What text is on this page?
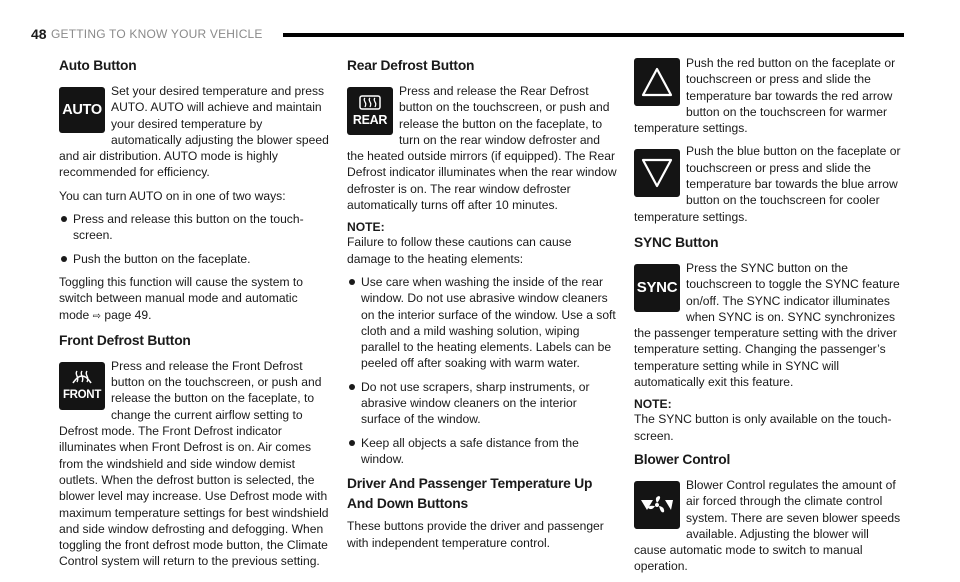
48 GETTING TO KNOW YOUR VEHICLE
Auto Button
AUTO

Set your desired temperature and press AUTO. AUTO will achieve and maintain your desired temperature by automatically adjusting the blower speed and air distribution. AUTO mode is highly recommended for efficiency.

You can turn AUTO on in one of two ways:

Press and release this button on the touch-screen.
Push the button on the faceplate.

Toggling this function will cause the system to switch between manual mode and automatic mode ⇨ page 49.

Front Defrost Button
FRONT

Press and release the Front Defrost button on the touchscreen, or push and release the button on the faceplate, to change the current airflow setting to Defrost mode. The Front Defrost indicator illuminates when Front Defrost is on. Air comes from the windshield and side window demist outlets. When the defrost button is selected, the blower level may increase. Use Defrost mode with maximum temperature settings for best windshield and side window defrosting and defogging. When toggling the front defrost mode button, the Climate Control system will return to the previous setting.

Rear Defrost Button
REAR

Press and release the Rear Defrost button on the touchscreen, or push and release the button on the faceplate, to turn on the rear window defroster and the heated outside mirrors (if equipped). The Rear Defrost indicator illuminates when the rear window defroster is on. The rear window defroster automatically turns off after 10 minutes.

NOTE:
Failure to follow these cautions can cause damage to the heating elements:

Use care when washing the inside of the rear window. Do not use abrasive window cleaners on the interior surface of the window. Use a soft cloth and a mild washing solution, wiping parallel to the heating elements. Labels can be peeled off after soaking with warm water.
Do not use scrapers, sharp instruments, or abrasive window cleaners on the interior surface of the window.
Keep all objects a safe distance from the window.
Driver And Passenger Temperature Up And Down Buttons

These buttons provide the driver and passenger with independent temperature control.

Push the red button on the faceplate or touchscreen or press and slide the temperature bar towards the red arrow button on the touchscreen for warmer temperature settings.

Push the blue button on the faceplate or touchscreen or press and slide the temperature bar towards the blue arrow button on the touchscreen for cooler temperature settings.

SYNC Button
SYNC

Press the SYNC button on the touchscreen to toggle the SYNC feature on/off. The SYNC indicator illuminates when SYNC is on. SYNC synchronizes the passenger temperature setting with the driver temperature setting. Changing the passenger’s temperature setting while in SYNC will automatically exit this feature.

NOTE:
The SYNC button is only available on the touch-screen.

Blower Control

Blower Control regulates the amount of air forced through the climate control system. There are seven blower speeds available. Adjusting the blower will cause automatic mode to switch to manual operation.
